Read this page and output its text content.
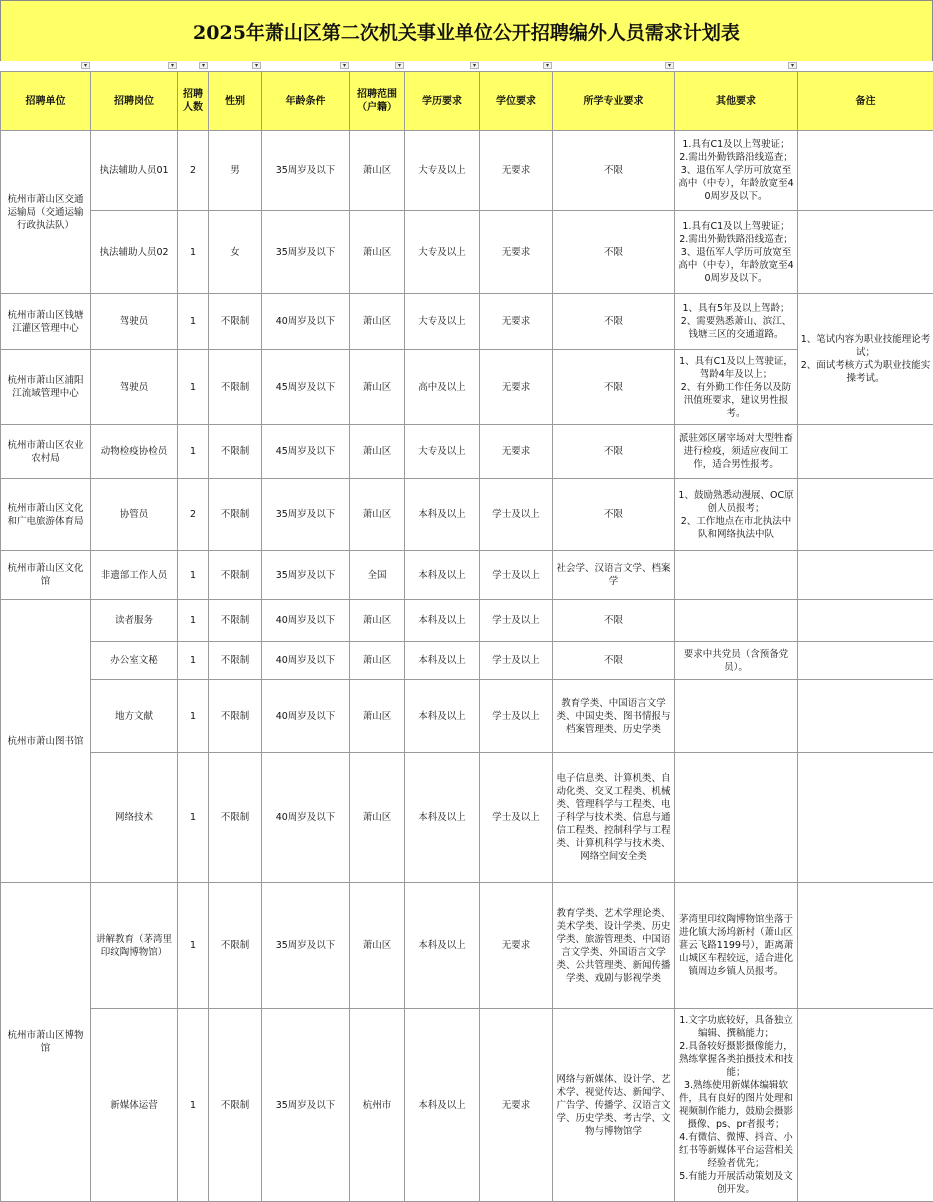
2025年萧山区第二次机关事业单位公开招聘编外人员需求计划表
▾	▾	▾	▾	▾	▾	▾	▾	▾	▾
招聘单位	招聘岗位	招聘人数	性别	年龄条件	招聘范围（户籍）	学历要求	学位要求	所学专业要求	其他要求	备注
杭州市萧山区交通运输局（交通运输行政执法队）	执法辅助人员01	2	男	35周岁及以下	萧山区	大专及以上	无要求	不限	1.具有C1及以上驾驶证；
2.需出外勤铁路沿线巡查；
3、退伍军人学历可放宽至高中（中专），年龄放宽至40周岁及以下。	
	执法辅助人员02	1	女	35周岁及以下	萧山区	大专及以上	无要求	不限	1.具有C1及以上驾驶证；
2.需出外勤铁路沿线巡查；
3、退伍军人学历可放宽至高中（中专），年龄放宽至40周岁及以下。	
杭州市萧山区钱塘江灌区管理中心	驾驶员	1	不限制	40周岁及以下	萧山区	大专及以上	无要求	不限	1、具有5年及以上驾龄；
2、需要熟悉萧山、滨江、钱塘三区的交通道路。	1、笔试内容为职业技能理论考试；
2、面试考核方式为职业技能实操考试。
杭州市萧山区浦阳江流域管理中心	驾驶员	1	不限制	45周岁及以下	萧山区	高中及以上	无要求	不限	1、具有C1及以上驾驶证，驾龄4年及以上；
2、有外勤工作任务以及防汛值班要求，建议男性报考。	
杭州市萧山区农业农村局	动物检疫协检员	1	不限制	45周岁及以下	萧山区	大专及以上	无要求	不限	派驻郊区屠宰场对大型牲畜进行检疫，须适应夜间工作，适合男性报考。	
杭州市萧山区文化和广电旅游体育局	协管员	2	不限制	35周岁及以下	萧山区	本科及以上	学士及以上	不限	1、鼓励熟悉动漫展、OC原创人员报考；
2、工作地点在市北执法中队和网络执法中队	
杭州市萧山区文化馆	非遗部工作人员	1	不限制	35周岁及以下	全国	本科及以上	学士及以上	社会学、汉语言文学、档案学		
杭州市萧山图书馆	读者服务	1	不限制	40周岁及以下	萧山区	本科及以上	学士及以上	不限		
	办公室文秘	1	不限制	40周岁及以下	萧山区	本科及以上	学士及以上	不限	要求中共党员（含预备党员）。	
	地方文献	1	不限制	40周岁及以下	萧山区	本科及以上	学士及以上	教育学类、中国语言文学类、中国史类、图书情报与档案管理类、历史学类		
	网络技术	1	不限制	40周岁及以下	萧山区	本科及以上	学士及以上	电子信息类、计算机类、自动化类、交叉工程类、机械类、管理科学与工程类、电子科学与技术类、信息与通信工程类、控制科学与工程类、计算机科学与技术类、网络空间安全类		
杭州市萧山区博物馆	讲解教育（茅湾里印纹陶博物馆）	1	不限制	35周岁及以下	萧山区	本科及以上	无要求	教育学类、艺术学理论类、美术学类、设计学类、历史学类、旅游管理类、中国语言文学类、外国语言文学类、公共管理类、新闻传播学类、戏剧与影视学类	茅湾里印纹陶博物馆坐落于进化镇大汤坞新村（萧山区葚云飞路1199号），距离萧山城区车程较远，适合进化镇周边乡镇人员报考。	
	新媒体运营	1	不限制	35周岁及以下	杭州市	本科及以上	无要求	网络与新媒体、设计学、艺术学、视觉传达、新闻学、广告学、传播学、汉语言文学、历史学类、考古学、文物与博物馆学	1.文字功底较好，具备独立编辑、撰稿能力；
2.具备较好摄影摄像能力，熟练掌握各类拍摄技术和技能；
3.熟练使用新媒体编辑软件，具有良好的图片处理和视频制作能力，鼓励会摄影摄像、ps、pr者报考；
4.有微信、微博、抖音、小红书等新媒体平台运营相关经验者优先；
5.有能力开展活动策划及文创开发。	
